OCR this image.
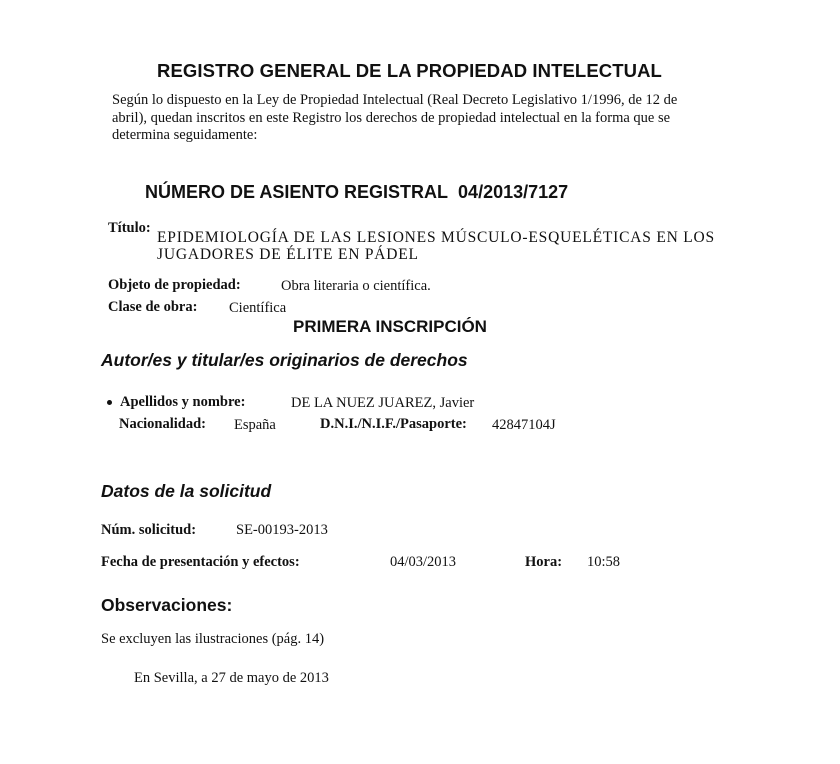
REGISTRO GENERAL DE LA PROPIEDAD INTELECTUAL
Según lo dispuesto en la Ley de Propiedad Intelectual (Real Decreto Legislativo 1/1996, de 12 de abril), quedan inscritos en este Registro los derechos de propiedad intelectual en la forma que se determina seguidamente:
NÚMERO DE ASIENTO REGISTRAL 04/2013/7127
Título:
EPIDEMIOLOGÍA DE LAS LESIONES MÚSCULO-ESQUELÉTICAS EN LOS
JUGADORES DE ÉLITE EN PÁDEL
Objeto de propiedad:	Obra literaria o científica.
Clase de obra: Científica
PRIMERA INSCRIPCIÓN
Autor/es y titular/es originarios de derechos
Apellidos y nombre:	DE LA NUEZ JUAREZ, Javier
Nacionalidad: España	D.N.I./N.I.F./Pasaporte: 42847104J
Datos de la solicitud
Núm. solicitud:	SE-00193-2013
Fecha de presentación y efectos:	04/03/2013	Hora: 10:58
Observaciones:
Se excluyen las ilustraciones (pág. 14)
En Sevilla, a 27 de mayo de 2013
